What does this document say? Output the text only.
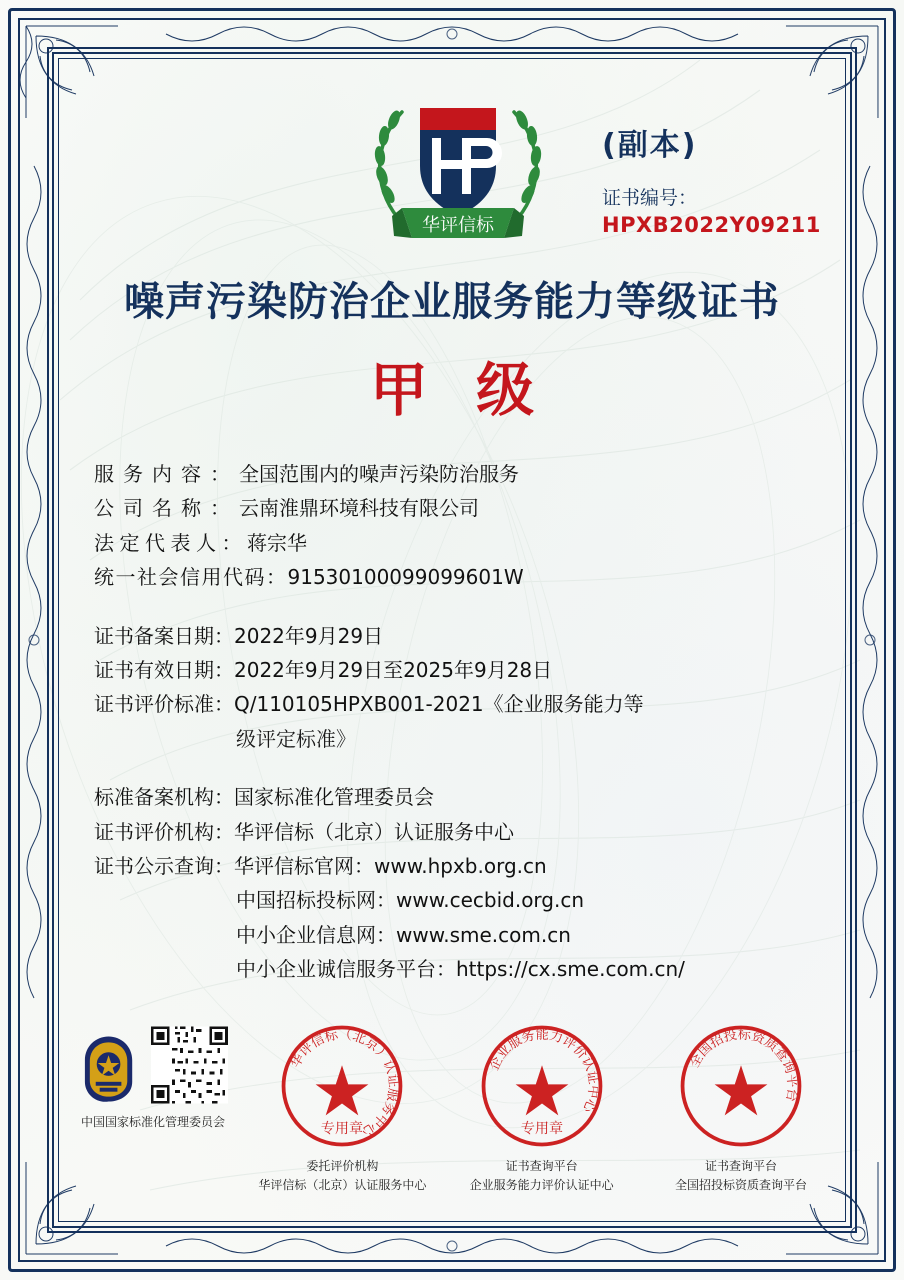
华评信标
(副本)
证书编号：
HPXB2022Y09211
噪声污染防治企业服务能力等级证书
甲 级
服务内容： 全国范围内的噪声污染防治服务
公司名称： 云南淮鼎环境科技有限公司
法定代表人： 蒋宗华
统一社会信用代码： 91530100099099601W
证书备案日期： 2022年9月29日
证书有效日期： 2022年9月29日至2025年9月28日
证书评价标准： Q/110105HPXB001-2021《企业服务能力等
级评定标准》
标准备案机构： 国家标准化管理委员会
证书评价机构： 华评信标（北京）认证服务中心
证书公示查询： 华评信标官网：www.hpxb.org.cn
中国招标投标网：www.cecbid.org.cn
中小企业信息网：www.sme.com.cn
中小企业诚信服务平台：https://cx.sme.com.cn/
中国国家标准化管理委员会
华评信标（北京）认证服务中心
专用章
委托评价机构
华评信标（北京）认证服务中心
企业服务能力评价认证中心
专用章
证书查询平台
企业服务能力评价认证中心
全国招投标资质查询平台
证书查询平台
全国招投标资质查询平台
